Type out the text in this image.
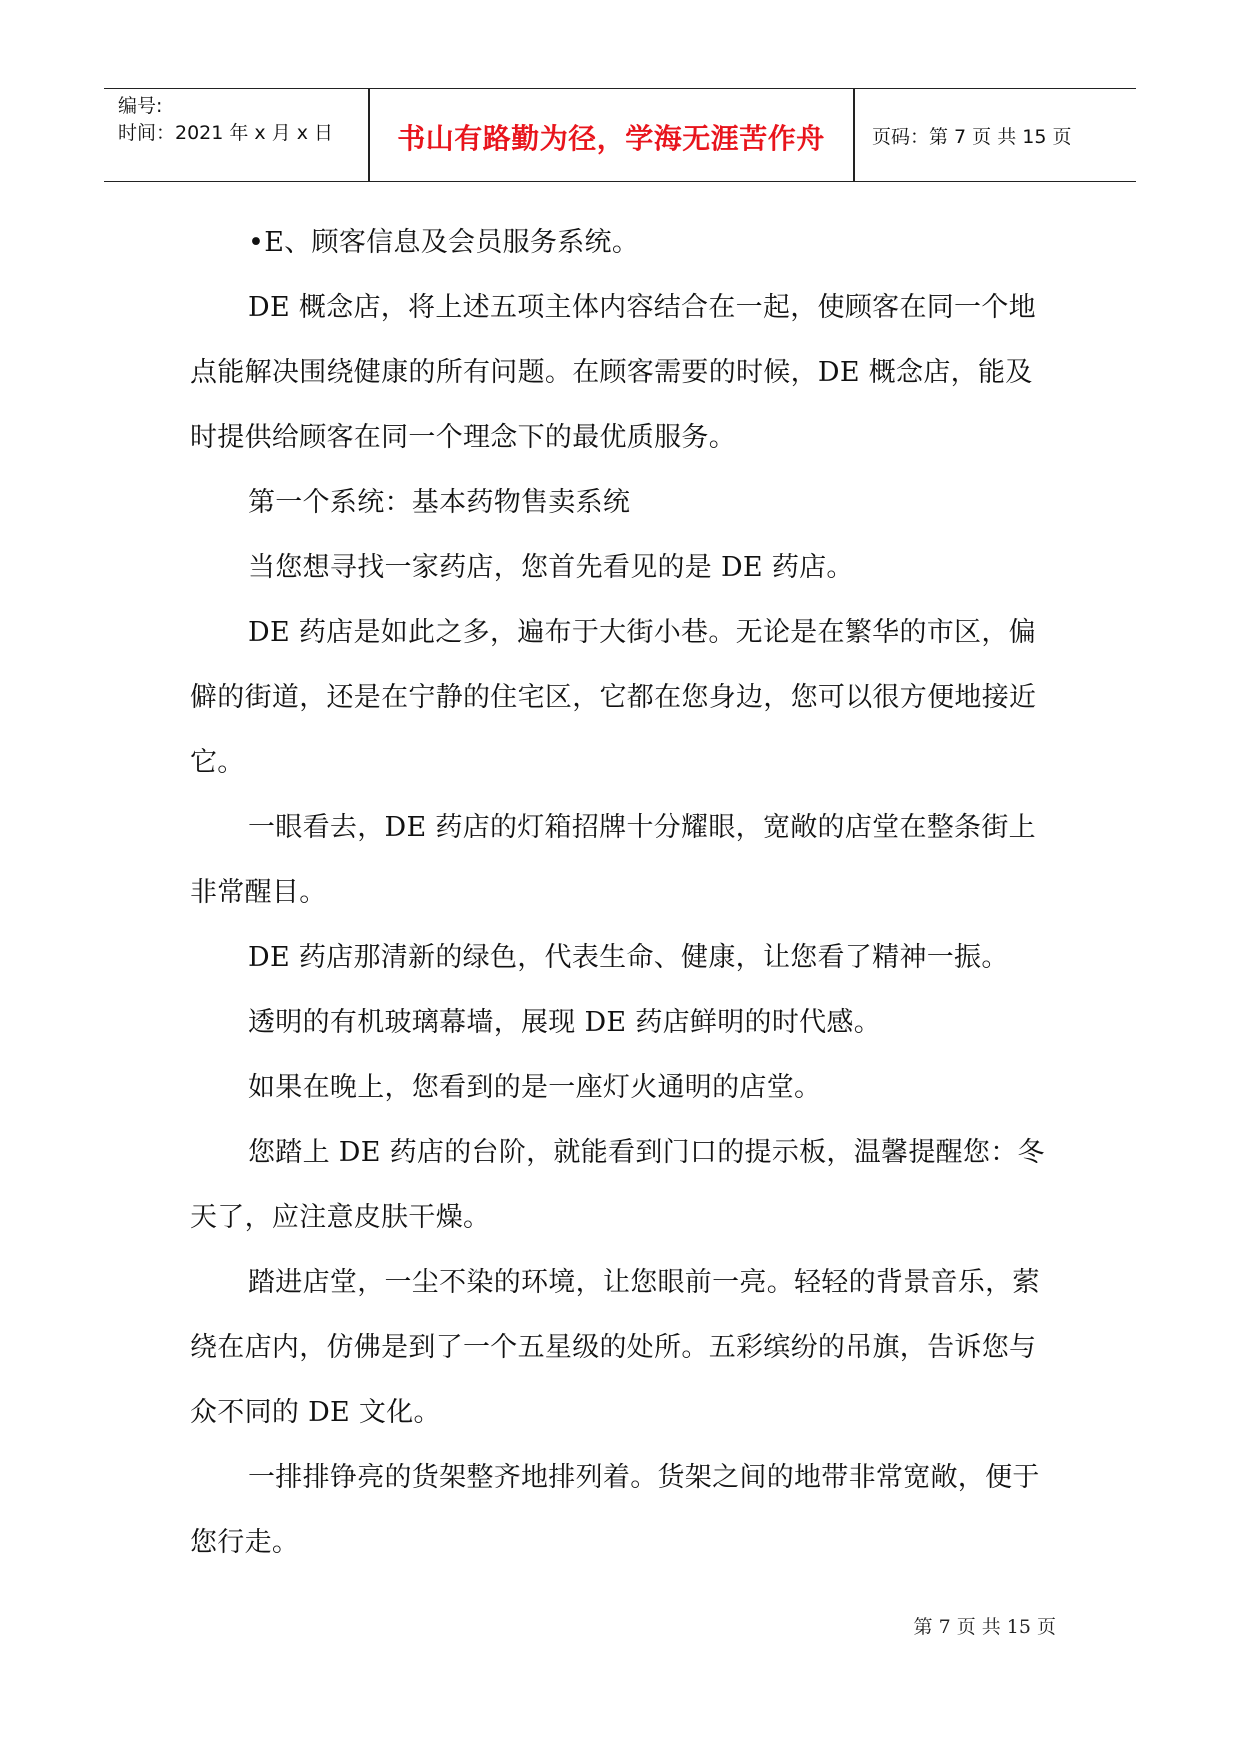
编号:
时间：2021 年 x 月 x 日	书山有路勤为径，学海无涯苦作舟	页码：第 7 页 共 15 页

•E、顾客信息及会员服务系统。

DE 概念店，将上述五项主体内容结合在一起，使顾客在同一个地点能解决围绕健康的所有问题。在顾客需要的时候，DE 概念店，能及时提供给顾客在同一个理念下的最优质服务。

第一个系统：基本药物售卖系统

当您想寻找一家药店，您首先看见的是 DE 药店。

DE 药店是如此之多，遍布于大街小巷。无论是在繁华的市区，偏僻的街道，还是在宁静的住宅区，它都在您身边，您可以很方便地接近它。

一眼看去，DE 药店的灯箱招牌十分耀眼，宽敞的店堂在整条街上非常醒目。

DE 药店那清新的绿色，代表生命、健康，让您看了精神一振。

透明的有机玻璃幕墙，展现 DE 药店鲜明的时代感。

如果在晚上，您看到的是一座灯火通明的店堂。

您踏上 DE 药店的台阶，就能看到门口的提示板，温馨提醒您：冬天了，应注意皮肤干燥。

踏进店堂，一尘不染的环境，让您眼前一亮。轻轻的背景音乐，萦绕在店内，仿佛是到了一个五星级的处所。五彩缤纷的吊旗，告诉您与众不同的 DE 文化。

一排排铮亮的货架整齐地排列着。货架之间的地带非常宽敞，便于您行走。

第 7 页 共 15 页
